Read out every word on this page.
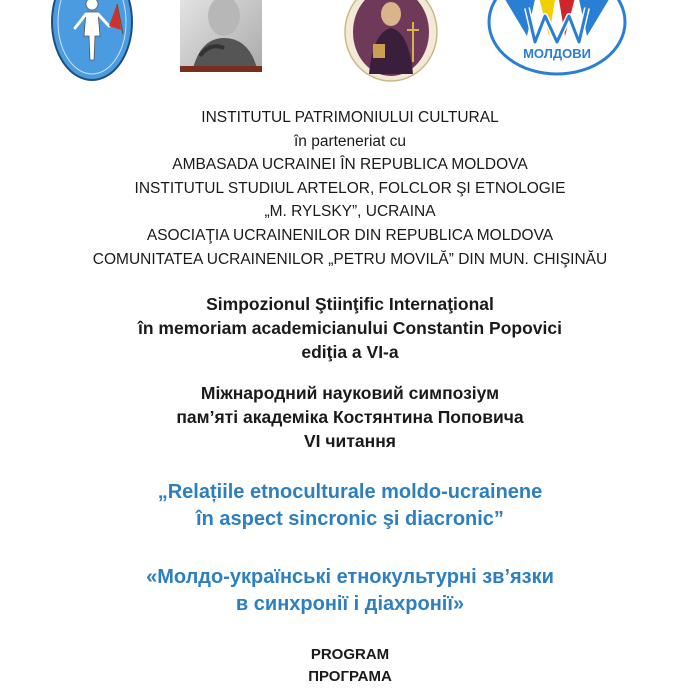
МОЛДОВИ
INSTITUTUL PATRIMONIULUI CULTURAL
în parteneriat cu
AMBASADA UCRAINEI ÎN REPUBLICA MOLDOVA
INSTITUTUL STUDIUL ARTELOR, FOLCLOR ŞI ETNOLOGIE
„M. RYLSKY”, UCRAINA
ASOCIAŢIA UCRAINENILOR DIN REPUBLICA MOLDOVA
COMUNITATEA UCRAINENILOR „PETRU MOVILĂ” DIN MUN. CHIŞINĂU
Simpozionul Ştiinţific Internaţional
în memoriam academicianului Constantin Popovici
ediţia a VI-a
Міжнародний науковий симпозіум
пам’яті академіка Костянтина Поповича
VI читання
„Relațiile etnoculturale moldo-ucrainene
în aspect sincronic şi diacronic”
«Молдо-українські етнокультурні зв’язки
в синхронії і діахронії»
PROGRAM
ПРОГРАМА
